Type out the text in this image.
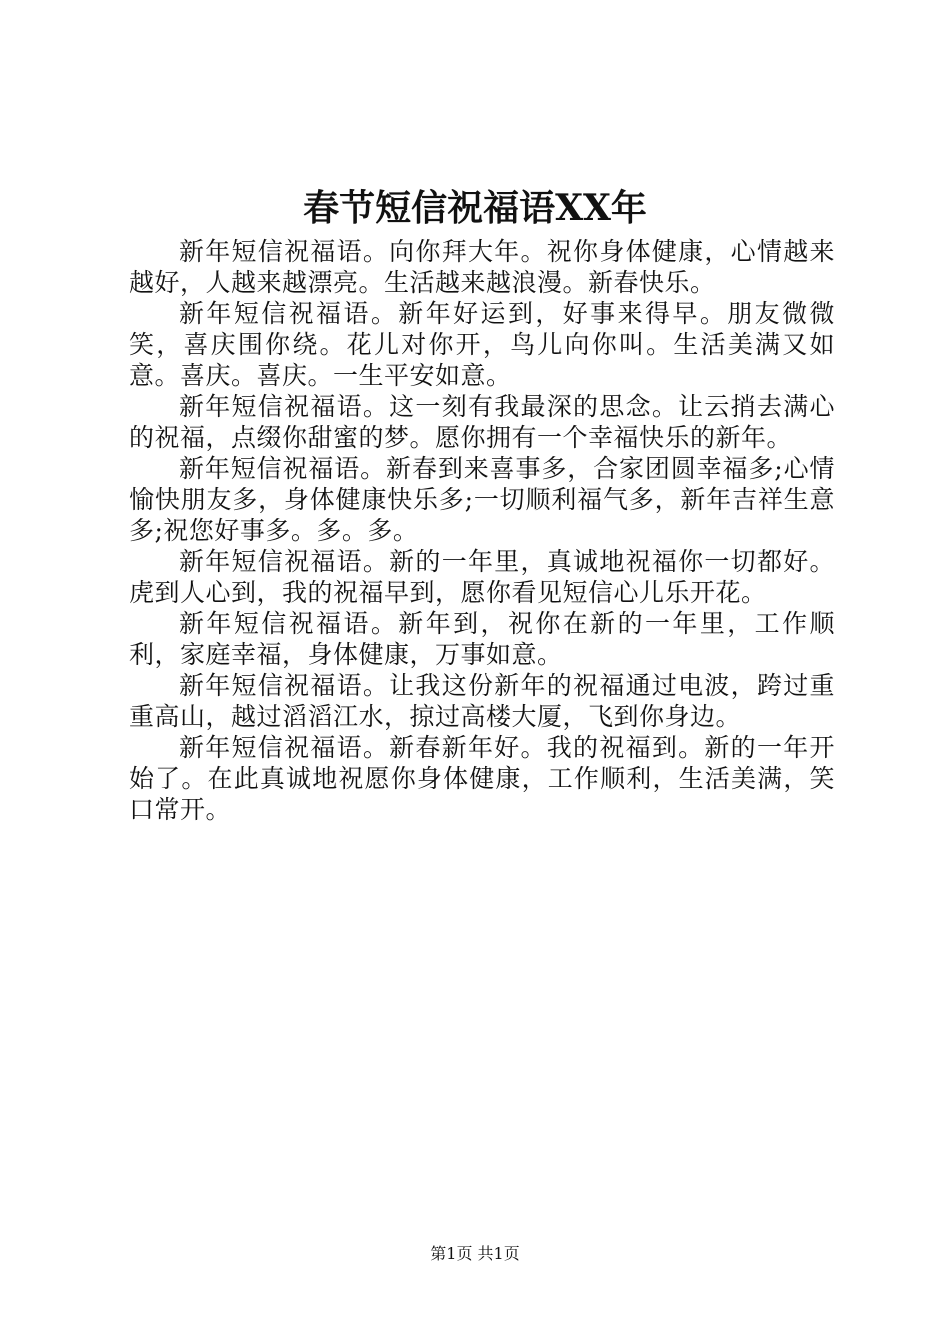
春节短信祝福语XX年

新年短信祝福语。向你拜大年。祝你身体健康，心情越来越好，人越来越漂亮。生活越来越浪漫。新春快乐。

新年短信祝福语。新年好运到，好事来得早。朋友微微笑，喜庆围你绕。花儿对你开，鸟儿向你叫。生活美满又如意。喜庆。喜庆。一生平安如意。

新年短信祝福语。这一刻有我最深的思念。让云捎去满心的祝福，点缀你甜蜜的梦。愿你拥有一个幸福快乐的新年。

新年短信祝福语。新春到来喜事多，合家团圆幸福多;心情愉快朋友多，身体健康快乐多;一切顺利福气多，新年吉祥生意多;祝您好事多。多。多。

新年短信祝福语。新的一年里，真诚地祝福你一切都好。虎到人心到，我的祝福早到，愿你看见短信心儿乐开花。

新年短信祝福语。新年到，祝你在新的一年里，工作顺利，家庭幸福，身体健康，万事如意。

新年短信祝福语。让我这份新年的祝福通过电波，跨过重重高山，越过滔滔江水，掠过高楼大厦，飞到你身边。

新年短信祝福语。新春新年好。我的祝福到。新的一年开始了。在此真诚地祝愿你身体健康，工作顺利，生活美满，笑口常开。

第1页 共1页
